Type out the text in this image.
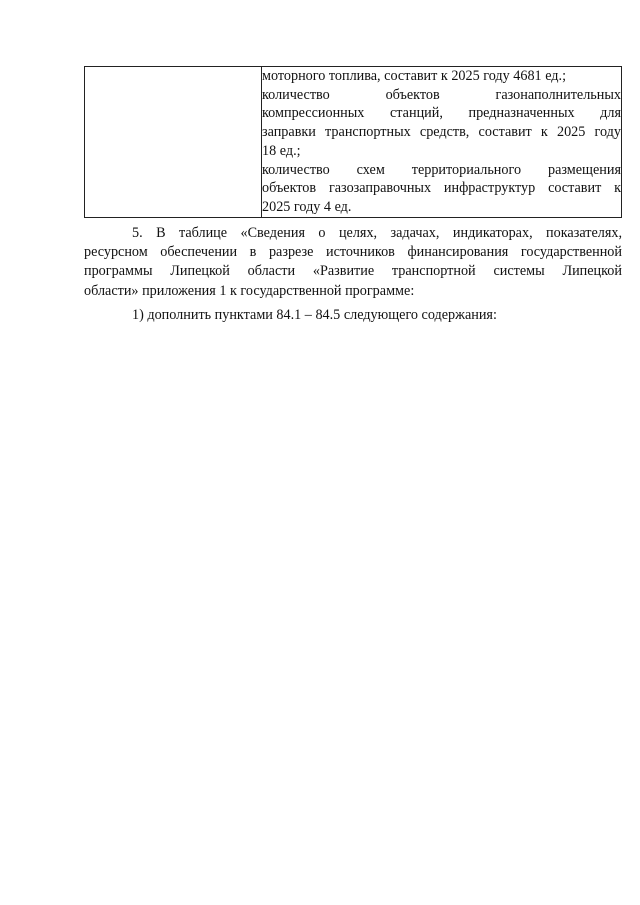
моторного топлива, составит к 2025 году 4681 ед.;
количество объектов газонаполнительных
компрессионных станций, предназначенных для
заправки транспортных средств, составит к 2025 году
18 ед.;
количество схем территориального размещения
объектов газозаправочных инфраструктур составит к
2025 году 4 ед.
5. В таблице «Сведения о целях, задачах, индикаторах, показателях,
ресурсном обеспечении в разрезе источников финансирования государственной
программы Липецкой области «Развитие транспортной системы Липецкой
области» приложения 1 к государственной программе:
1) дополнить пунктами 84.1 – 84.5 следующего содержания:
